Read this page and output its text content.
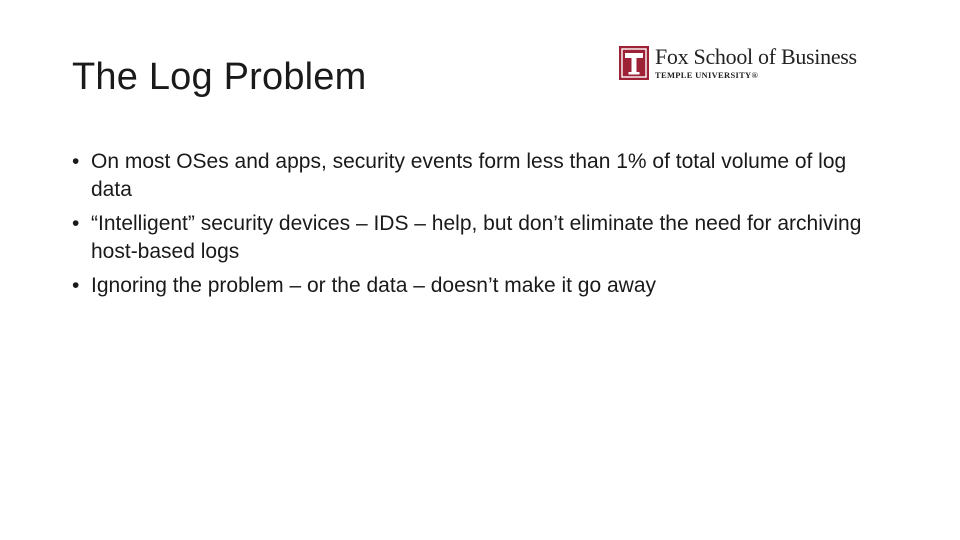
The Log Problem	Fox School of Business
TEMPLE UNIVERSITY®
• On most OSes and apps, security events form less than 1% of total volume of log data
• “Intelligent” security devices – IDS – help, but don’t eliminate the need for archiving host-based logs
• Ignoring the problem – or the data – doesn’t make it go away
